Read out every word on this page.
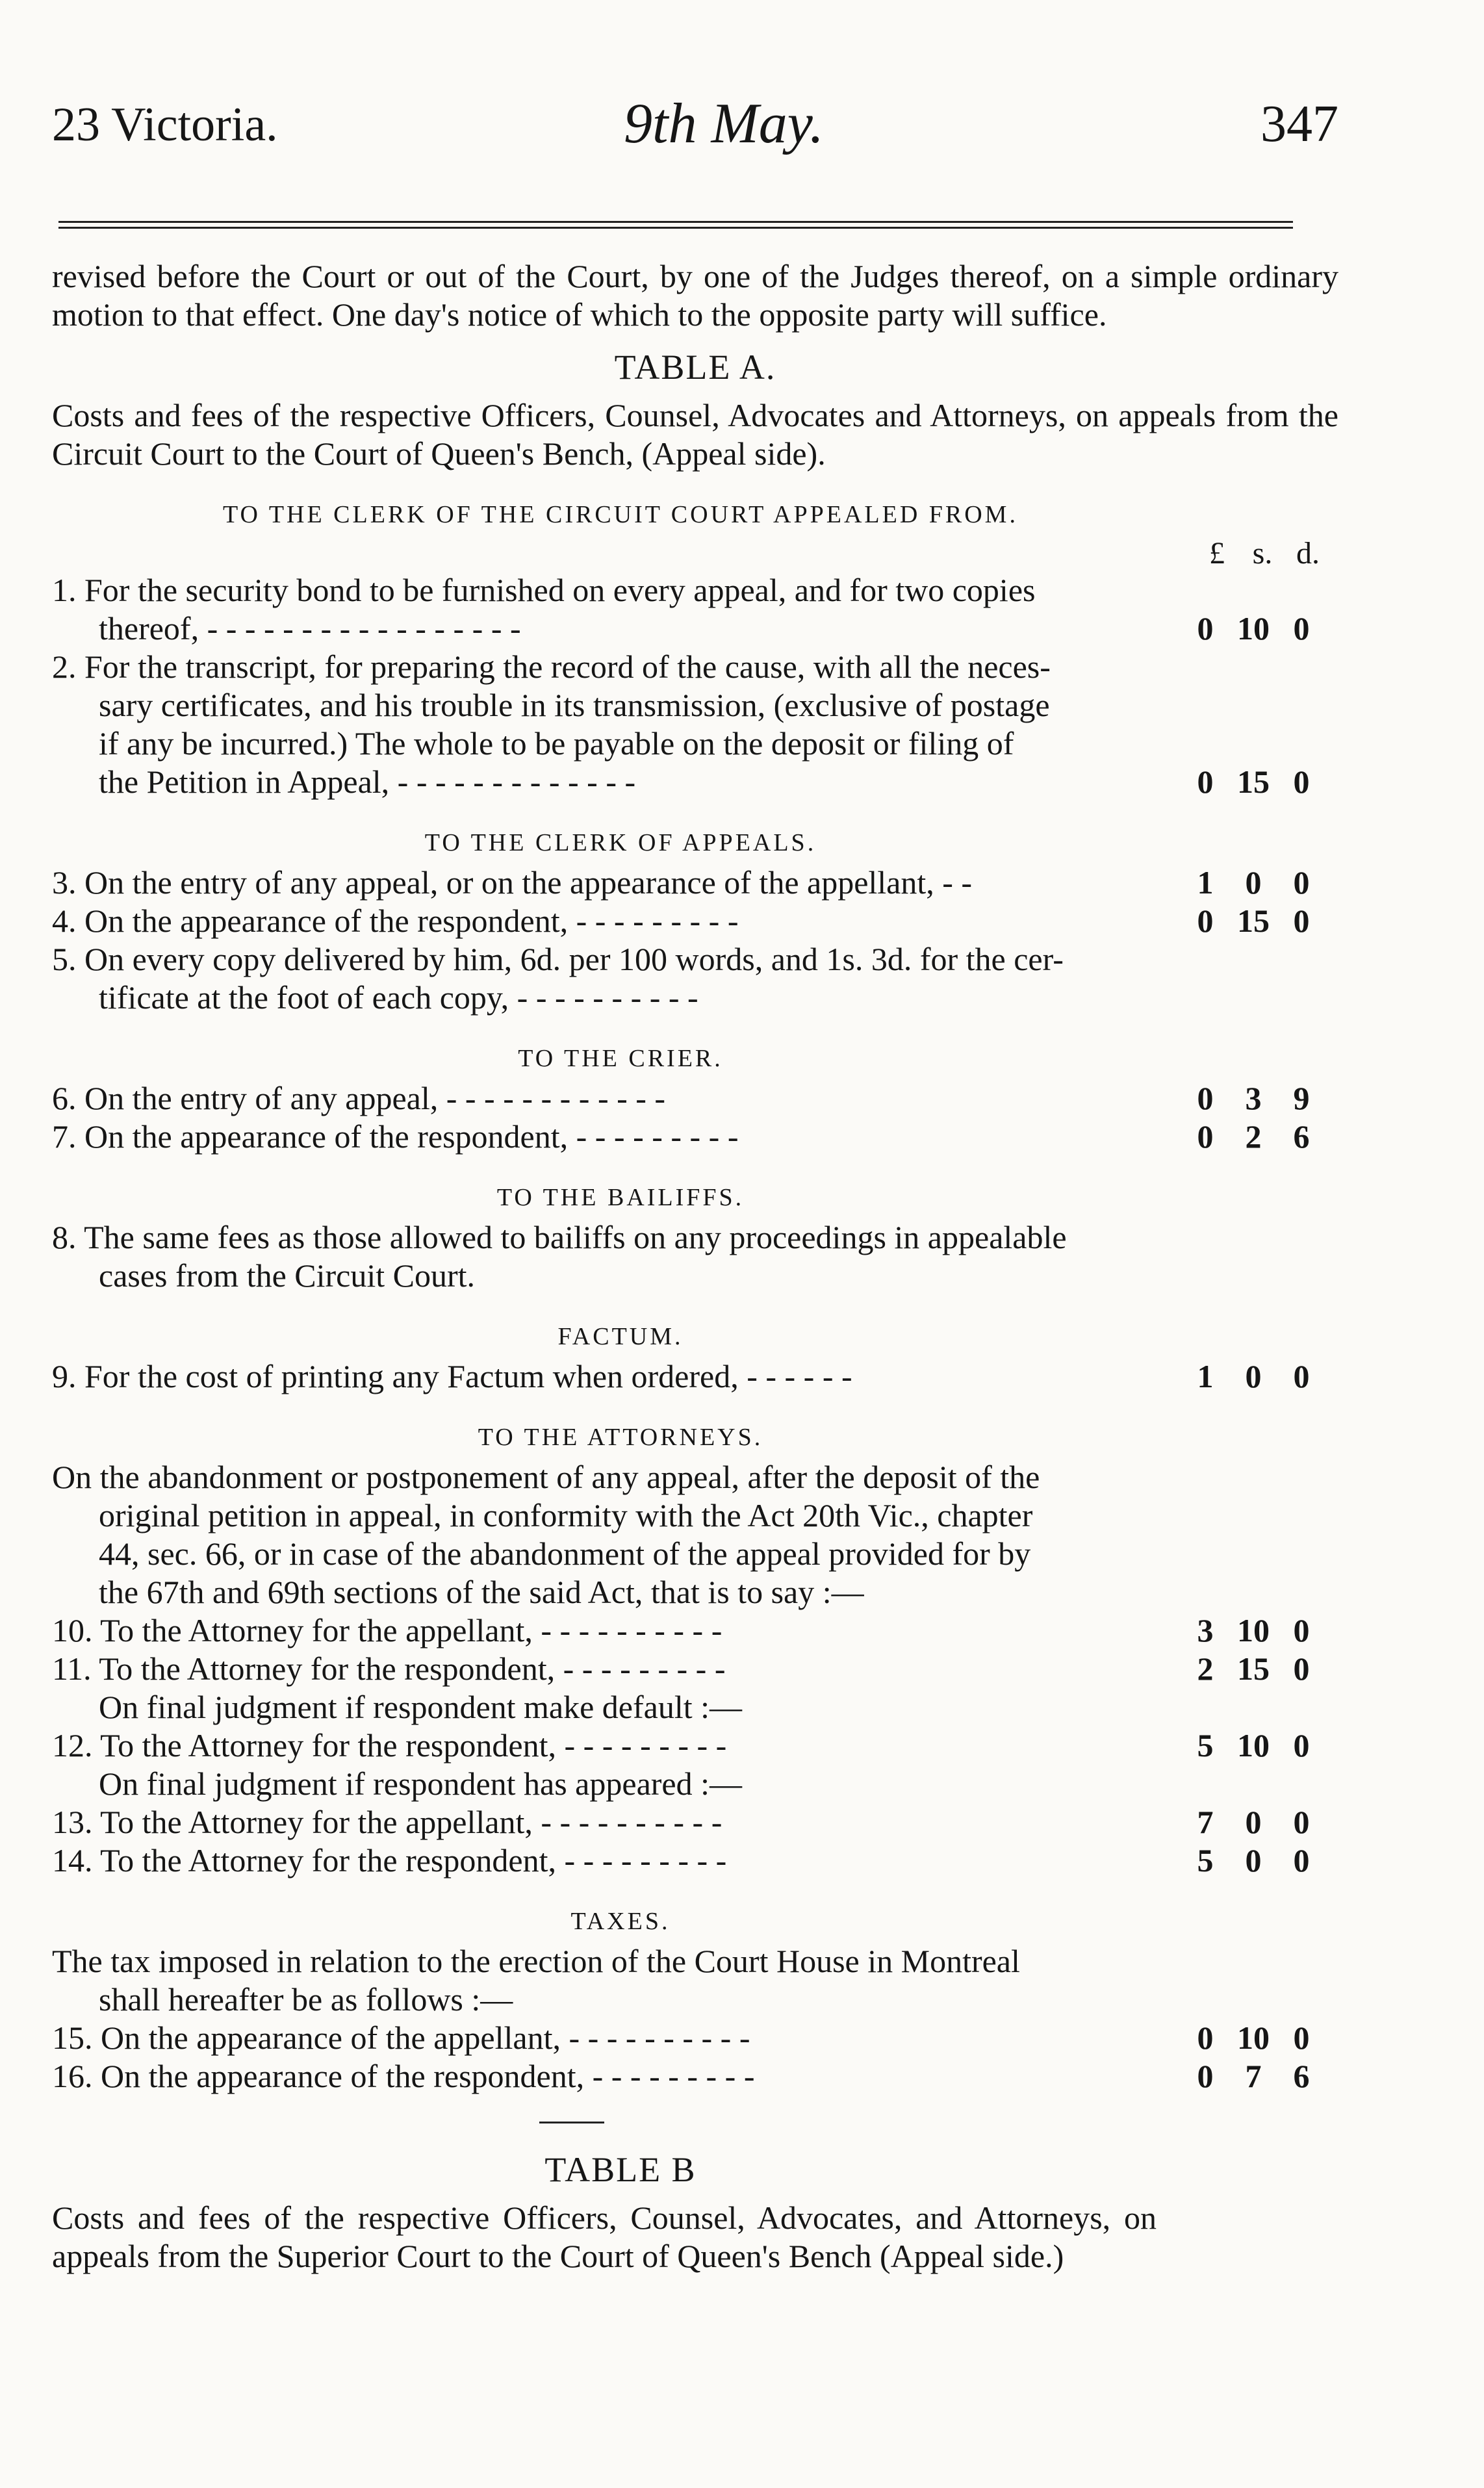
23 Victoria.	9th May.	347
revised before the Court or out of the Court, by one of the Judges thereof, on a simple ordinary motion to that effect. One day's notice of which to the opposite party will suffice.
TABLE A.
Costs and fees of the respective Officers, Counsel, Advocates and Attorneys, on appeals from the Circuit Court to the Court of Queen's Bench, (Appeal side).
TO THE CLERK OF THE CIRCUIT COURT APPEALED FROM.
£ s. d.
1. For the security bond to be furnished on every appeal, and for two copies
thereof, - - - - - - - - - - - - - - - - -	0 10 0
2. For the transcript, for preparing the record of the cause, with all the neces-
sary certificates, and his trouble in its transmission, (exclusive of postage
if any be incurred.) The whole to be payable on the deposit or filing of
the Petition in Appeal, - - - - - - - - - - - - -	0 15 0
TO THE CLERK OF APPEALS.
3. On the entry of any appeal, or on the appearance of the appellant, - -	1 0 0
4. On the appearance of the respondent, - - - - - - - - -	0 15 0
5. On every copy delivered by him, 6d. per 100 words, and 1s. 3d. for the cer-
tificate at the foot of each copy, - - - - - - - - - -
TO THE CRIER.
6. On the entry of any appeal, - - - - - - - - - - - -	0 3 9
7. On the appearance of the respondent, - - - - - - - - -	0 2 6
TO THE BAILIFFS.
8. The same fees as those allowed to bailiffs on any proceedings in appealable
cases from the Circuit Court.
FACTUM.
9. For the cost of printing any Factum when ordered, - - - - - -	1 0 0
TO THE ATTORNEYS.
On the abandonment or postponement of any appeal, after the deposit of the
original petition in appeal, in conformity with the Act 20th Vic., chapter
44, sec. 66, or in case of the abandonment of the appeal provided for by
the 67th and 69th sections of the said Act, that is to say :—
10. To the Attorney for the appellant, - - - - - - - - - -	3 10 0
11. To the Attorney for the respondent, - - - - - - - - -	2 15 0
On final judgment if respondent make default :—
12. To the Attorney for the respondent, - - - - - - - - -	5 10 0
On final judgment if respondent has appeared :—
13. To the Attorney for the appellant, - - - - - - - - - -	7 0 0
14. To the Attorney for the respondent, - - - - - - - - -	5 0 0
TAXES.
The tax imposed in relation to the erection of the Court House in Montreal
shall hereafter be as follows :—
15. On the appearance of the appellant, - - - - - - - - - -	0 10 0
16. On the appearance of the respondent, - - - - - - - - -	0 7 6
TABLE B
Costs and fees of the respective Officers, Counsel, Advocates, and Attorneys, on appeals from the Superior Court to the Court of Queen's Bench (Appeal side.)
